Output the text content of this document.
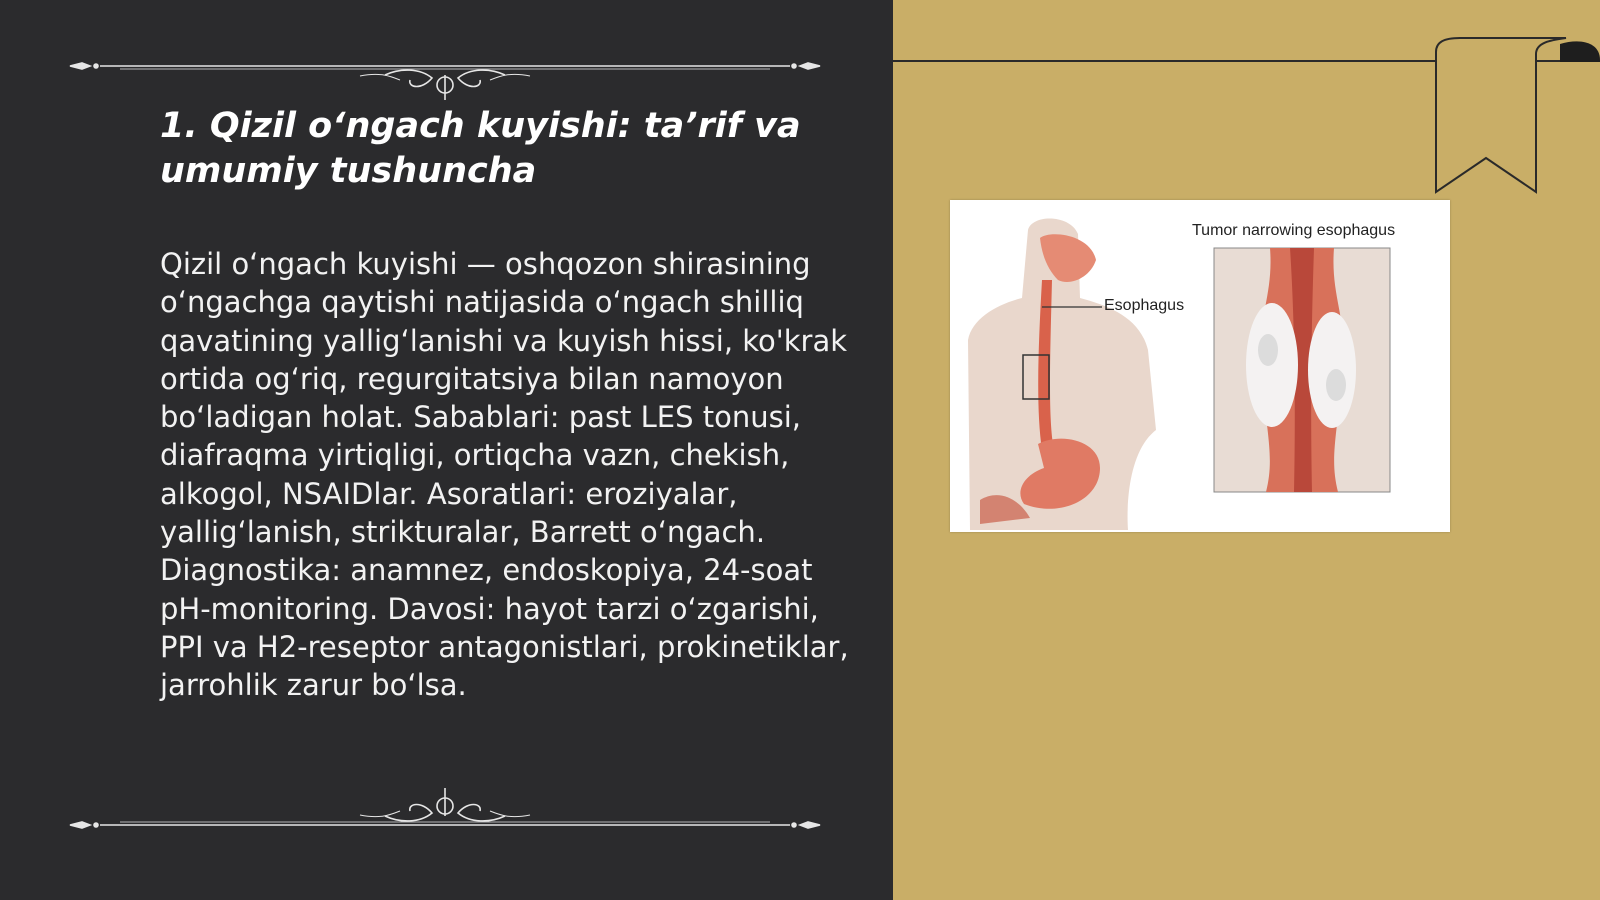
1. Qizil o‘ngach kuyishi: ta’rif va umumiy tushuncha

Qizil o‘ngach kuyishi — oshqozon shirasining o‘ngachga qaytishi natijasida o‘ngach shilliq qavatining yallig‘lanishi va kuyish hissi, ko'krak ortida og‘riq, regurgitatsiya bilan namoyon bo‘ladigan holat. Sabablari: past LES tonusi, diafraqma yirtiqligi, ortiqcha vazn, chekish, alkogol, NSAIDlar. Asoratlari: eroziyalar, yallig‘lanish, strikturalar, Barrett o‘ngach. Diagnostika: anamnez, endoskopiya, 24-soat pH-monitoring. Davosi: hayot tarzi o‘zgarishi, PPI va H2-reseptor antagonistlari, prokinetiklar, jarrohlik zarur bo‘lsa.

Tumor narrowing esophagus
Esophagus
